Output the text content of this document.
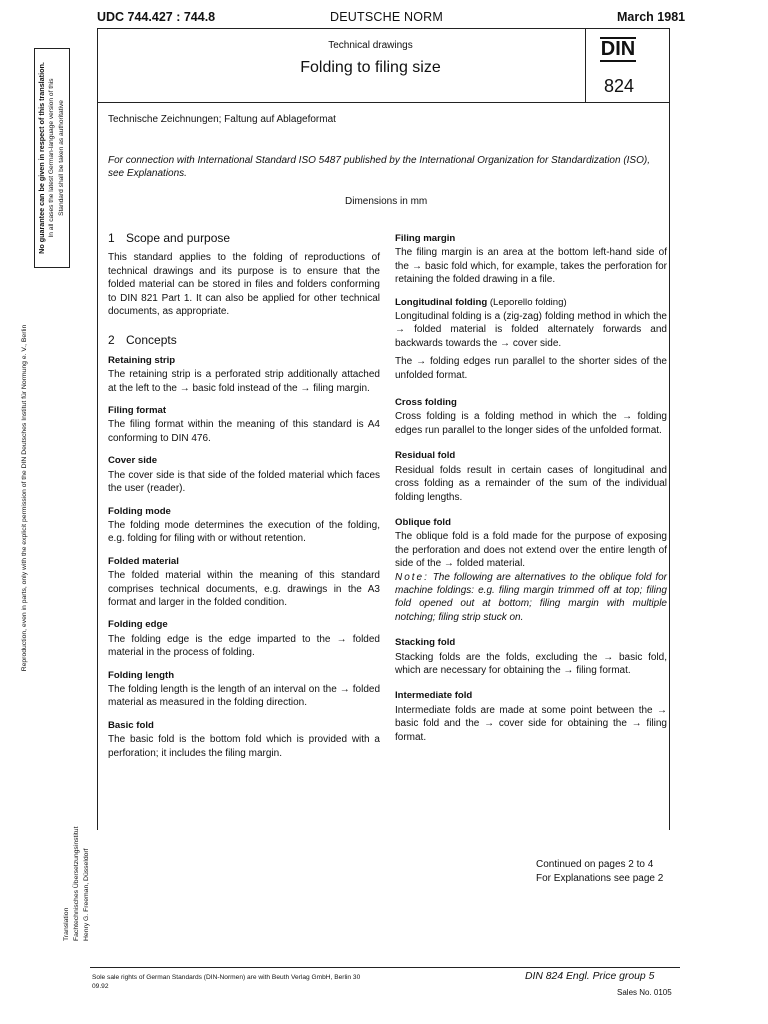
UDC 744.427 : 744.8	DEUTSCHE NORM	March 1981
No guarantee can be given in respect of this translation. In all cases the latest German-language version of this Standard shall be taken as authoritative
Reproduction, even in parts, only with the explicit permission of the DIN Deutsches Institut für Normung e. V., Berlin
Translation Fachtechnisches Übersetzungsinstitut Henry G. Freeman, Düsseldorf
Technical drawings
Folding to filing size
DIN
824
Technische Zeichnungen; Faltung auf Ablageformat
For connection with International Standard ISO 5487 published by the International Organization for Standardization (ISO), see Explanations.
Dimensions in mm
1 Scope and purpose
This standard applies to the folding of reproductions of technical drawings and its purpose is to ensure that the folded material can be stored in files and folders conforming to DIN 821 Part 1. It can also be applied for other technical documents, as appropriate.
2 Concepts
Retaining strip
The retaining strip is a perforated strip additionally attached at the left to the → basic fold instead of the → filing margin.
Filing format
The filing format within the meaning of this standard is A4 conforming to DIN 476.
Cover side
The cover side is that side of the folded material which faces the user (reader).
Folding mode
The folding mode determines the execution of the folding, e.g. folding for filing with or without retention.
Folded material
The folded material within the meaning of this standard comprises technical documents, e.g. drawings in the A3 format and larger in the folded condition.
Folding edge
The folding edge is the edge imparted to the → folded material in the process of folding.
Folding length
The folding length is the length of an interval on the → folded material as measured in the folding direction.
Basic fold
The basic fold is the bottom fold which is provided with a perforation; it includes the filing margin.
Filing margin
The filing margin is an area at the bottom left-hand side of the → basic fold which, for example, takes the perforation for retaining the folded drawing in a file.
Longitudinal folding (Leporello folding)
Longitudinal folding is a (zig-zag) folding method in which the → folded material is folded alternately forwards and backwards towards the → cover side.
The → folding edges run parallel to the shorter sides of the unfolded format.
Cross folding
Cross folding is a folding method in which the → folding edges run parallel to the longer sides of the unfolded format.
Residual fold
Residual folds result in certain cases of longitudinal and cross folding as a remainder of the sum of the individual folding lengths.
Oblique fold
The oblique fold is a fold made for the purpose of exposing the perforation and does not extend over the entire length of side of the → folded material.
Note: The following are alternatives to the oblique fold for machine foldings: e.g. filing margin trimmed off at top; filing fold opened out at bottom; filing margin with multiple notching; filing strip stuck on.
Stacking fold
Stacking folds are the folds, excluding the → basic fold, which are necessary for obtaining the → filing format.
Intermediate fold
Intermediate folds are made at some point between the → basic fold and the → cover side for obtaining the → filing format.
Continued on pages 2 to 4
For Explanations see page 2
Sole sale rights of German Standards (DIN-Normen) are with Beuth Verlag GmbH, Berlin 30
09.92
DIN 824 Engl. Price group 5
Sales No. 0105
